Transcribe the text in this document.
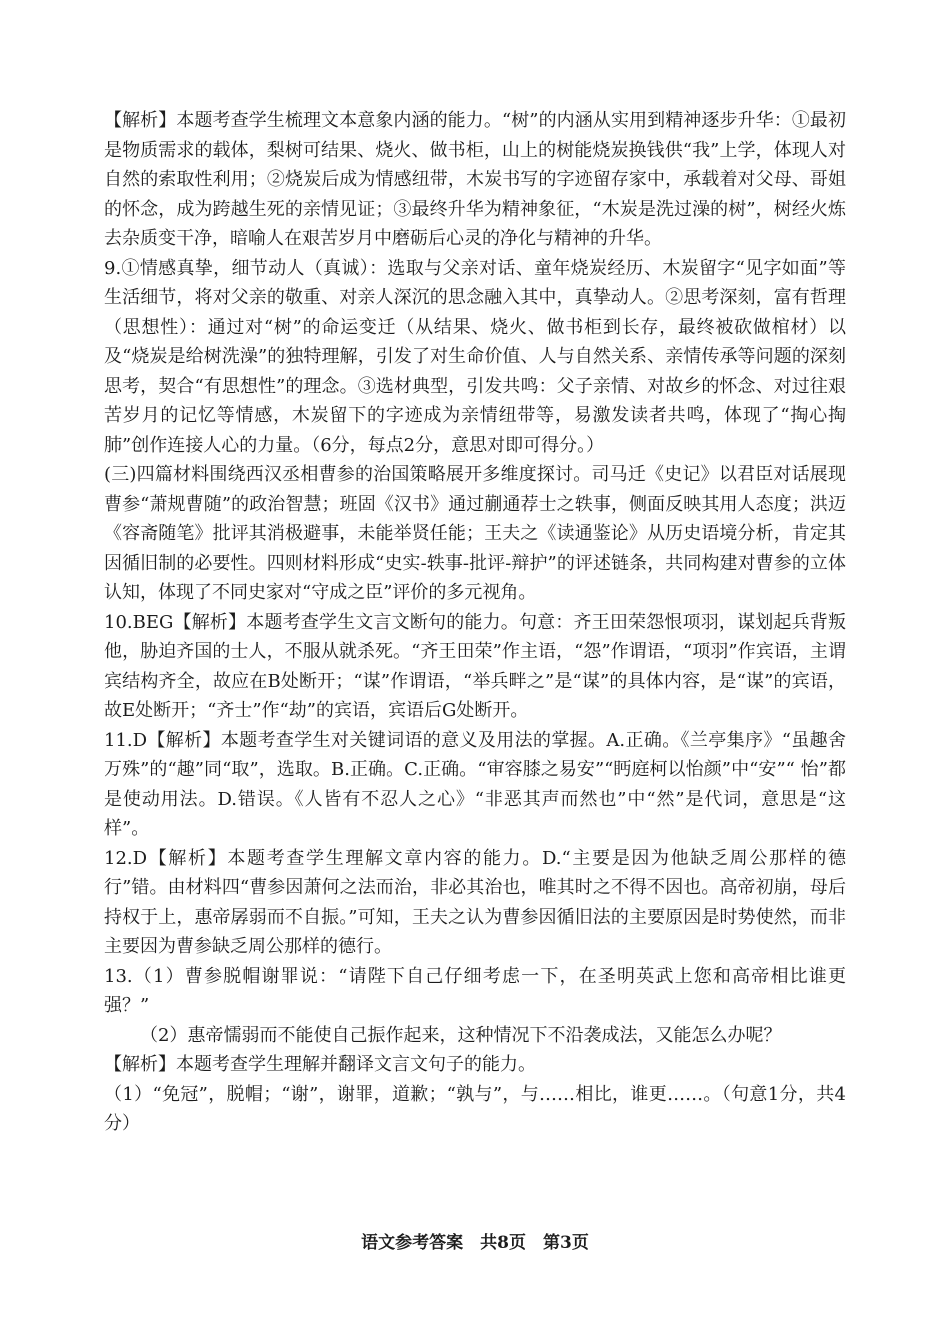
【解析】本题考查学生梳理文本意象内涵的能力。“树”的内涵从实用到精神逐步升华：①最初是物质需求的载体，梨树可结果、烧火、做书柜，山上的树能烧炭换钱供“我”上学，体现人对自然的索取性利用；②烧炭后成为情感纽带，木炭书写的字迹留存家中，承载着对父母、哥姐的怀念，成为跨越生死的亲情见证；③最终升华为精神象征，“木炭是洗过澡的树”，树经火炼去杂质变干净，暗喻人在艰苦岁月中磨砺后心灵的净化与精神的升华。

9.①情感真挚，细节动人（真诚）：选取与父亲对话、童年烧炭经历、木炭留字“见字如面”等生活细节，将对父亲的敬重、对亲人深沉的思念融入其中，真挚动人。②思考深刻，富有哲理（思想性）：通过对“树”的命运变迁（从结果、烧火、做书柜到长存，最终被砍做棺材）以及“烧炭是给树洗澡”的独特理解，引发了对生命价值、人与自然关系、亲情传承等问题的深刻思考，契合“有思想性”的理念。③选材典型，引发共鸣：父子亲情、对故乡的怀念、对过往艰苦岁月的记忆等情感，木炭留下的字迹成为亲情纽带等，易激发读者共鸣，体现了“掏心掏肺”创作连接人心的力量。（6分，每点2分，意思对即可得分。）

(三)四篇材料围绕西汉丞相曹参的治国策略展开多维度探讨。司马迁《史记》以君臣对话展现曹参“萧规曹随”的政治智慧；班固《汉书》通过蒯通荐士之轶事，侧面反映其用人态度；洪迈《容斋随笔》批评其消极避事，未能举贤任能；王夫之《读通鉴论》从历史语境分析，肯定其因循旧制的必要性。四则材料形成“史实-轶事-批评-辩护”的评述链条，共同构建对曹参的立体认知，体现了不同史家对“守成之臣”评价的多元视角。

10.BEG【解析】本题考查学生文言文断句的能力。句意：齐王田荣怨恨项羽，谋划起兵背叛他，胁迫齐国的士人，不服从就杀死。“齐王田荣”作主语，“怨”作谓语，“项羽”作宾语，主谓宾结构齐全，故应在B处断开；“谋”作谓语，“举兵畔之”是“谋”的具体内容，是“谋”的宾语，故E处断开；“齐士”作“劫”的宾语，宾语后G处断开。

11.D【解析】本题考查学生对关键词语的意义及用法的掌握。A.正确。《兰亭集序》“虽趣舍万殊”的“趣”同“取”，选取。B.正确。C.正确。“审容膝之易安”“眄庭柯以怡颜”中“安”“ 怡”都是使动用法。D.错误。《人皆有不忍人之心》“非恶其声而然也”中“然”是代词，意思是“这样”。

12.D【解析】本题考查学生理解文章内容的能力。D.“主要是因为他缺乏周公那样的德行”错。由材料四“曹参因萧何之法而治，非必其治也，唯其时之不得不因也。高帝初崩，母后持权于上，惠帝孱弱而不自振。”可知，王夫之认为曹参因循旧法的主要原因是时势使然，而非主要因为曹参缺乏周公那样的德行。

13.（1）曹参脱帽谢罪说：“请陛下自己仔细考虑一下，在圣明英武上您和高帝相比谁更强？”

（2）惠帝懦弱而不能使自己振作起来，这种情况下不沿袭成法，又能怎么办呢？

【解析】本题考查学生理解并翻译文言文句子的能力。

（1）“免冠”，脱帽；“谢”，谢罪，道歉；“孰与”，与……相比，谁更……。（句意1分，共4分）

语文参考答案　共8页　第3页
